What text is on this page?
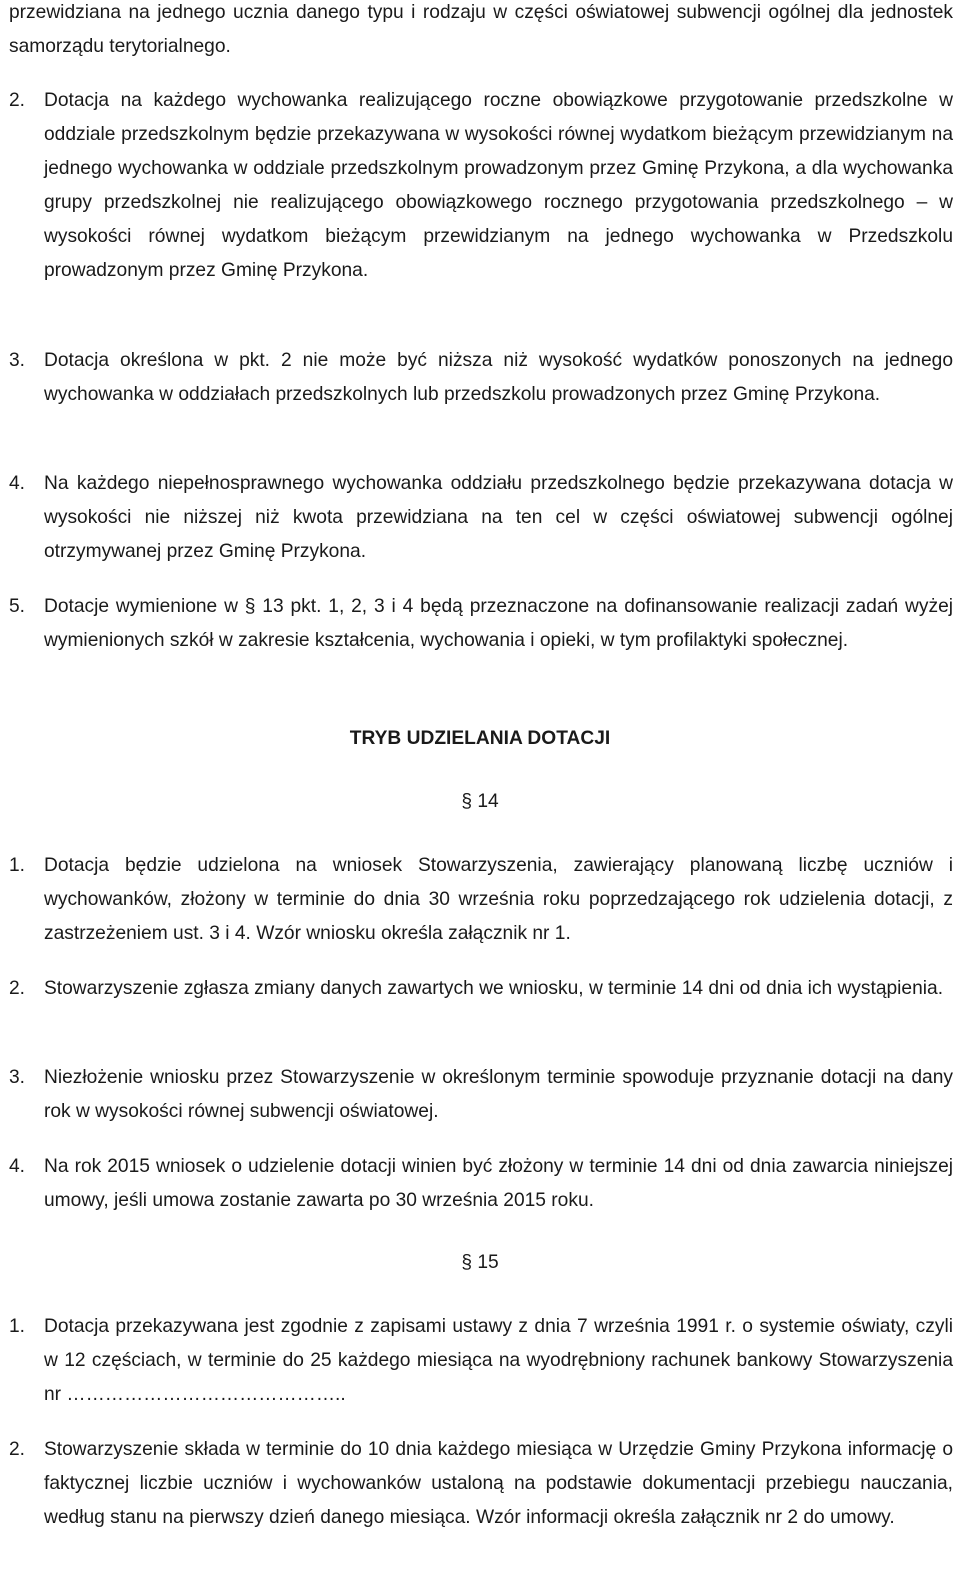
przewidziana na jednego ucznia danego typu i rodzaju w części oświatowej subwencji ogólnej dla jednostek samorządu terytorialnego.

2. Dotacja na każdego wychowanka realizującego roczne obowiązkowe przygotowanie przedszkolne w oddziale przedszkolnym będzie przekazywana w wysokości równej wydatkom bieżącym przewidzianym na jednego wychowanka w oddziale przedszkolnym prowadzonym przez Gminę Przykona, a dla wychowanka grupy przedszkolnej nie realizującego obowiązkowego rocznego przygotowania przedszkolnego – w wysokości równej wydatkom bieżącym przewidzianym na jednego wychowanka w Przedszkolu prowadzonym przez Gminę Przykona.
3. Dotacja określona w pkt. 2 nie może być niższa niż wysokość wydatków ponoszonych na jednego wychowanka w oddziałach przedszkolnych lub przedszkolu prowadzonych przez Gminę Przykona.
4. Na każdego niepełnosprawnego wychowanka oddziału przedszkolnego będzie przekazywana dotacja w wysokości nie niższej niż kwota przewidziana na ten cel w części oświatowej subwencji ogólnej otrzymywanej przez Gminę Przykona.
5. Dotacje wymienione w § 13 pkt. 1, 2, 3 i 4 będą przeznaczone na dofinansowanie realizacji zadań wyżej wymienionych szkół w zakresie kształcenia, wychowania i opieki, w tym profilaktyki społecznej.
TRYB UDZIELANIA DOTACJI
§ 14
1. Dotacja będzie udzielona na wniosek Stowarzyszenia, zawierający planowaną liczbę uczniów i wychowanków, złożony w terminie do dnia 30 września roku poprzedzającego rok udzielenia dotacji, z zastrzeżeniem ust. 3 i 4. Wzór wniosku określa załącznik nr 1.
2. Stowarzyszenie zgłasza zmiany danych zawartych we wniosku, w terminie 14 dni od dnia ich wystąpienia.
3. Niezłożenie wniosku przez Stowarzyszenie w określonym terminie spowoduje przyznanie dotacji na dany rok w wysokości równej subwencji oświatowej.
4. Na rok 2015 wniosek o udzielenie dotacji winien być złożony w terminie 14 dni od dnia zawarcia niniejszej umowy, jeśli umowa zostanie zawarta po 30 września 2015 roku.
§ 15
1. Dotacja przekazywana jest zgodnie z zapisami ustawy z dnia 7 września 1991 r. o systemie oświaty, czyli w 12 częściach, w terminie do 25 każdego miesiąca na wyodrębniony rachunek bankowy Stowarzyszenia nr ……………………………………..
2. Stowarzyszenie składa w terminie do 10 dnia każdego miesiąca w Urzędzie Gminy Przykona informację o faktycznej liczbie uczniów i wychowanków ustaloną na podstawie dokumentacji przebiegu nauczania, według stanu na pierwszy dzień danego miesiąca. Wzór informacji określa załącznik nr 2 do umowy.
